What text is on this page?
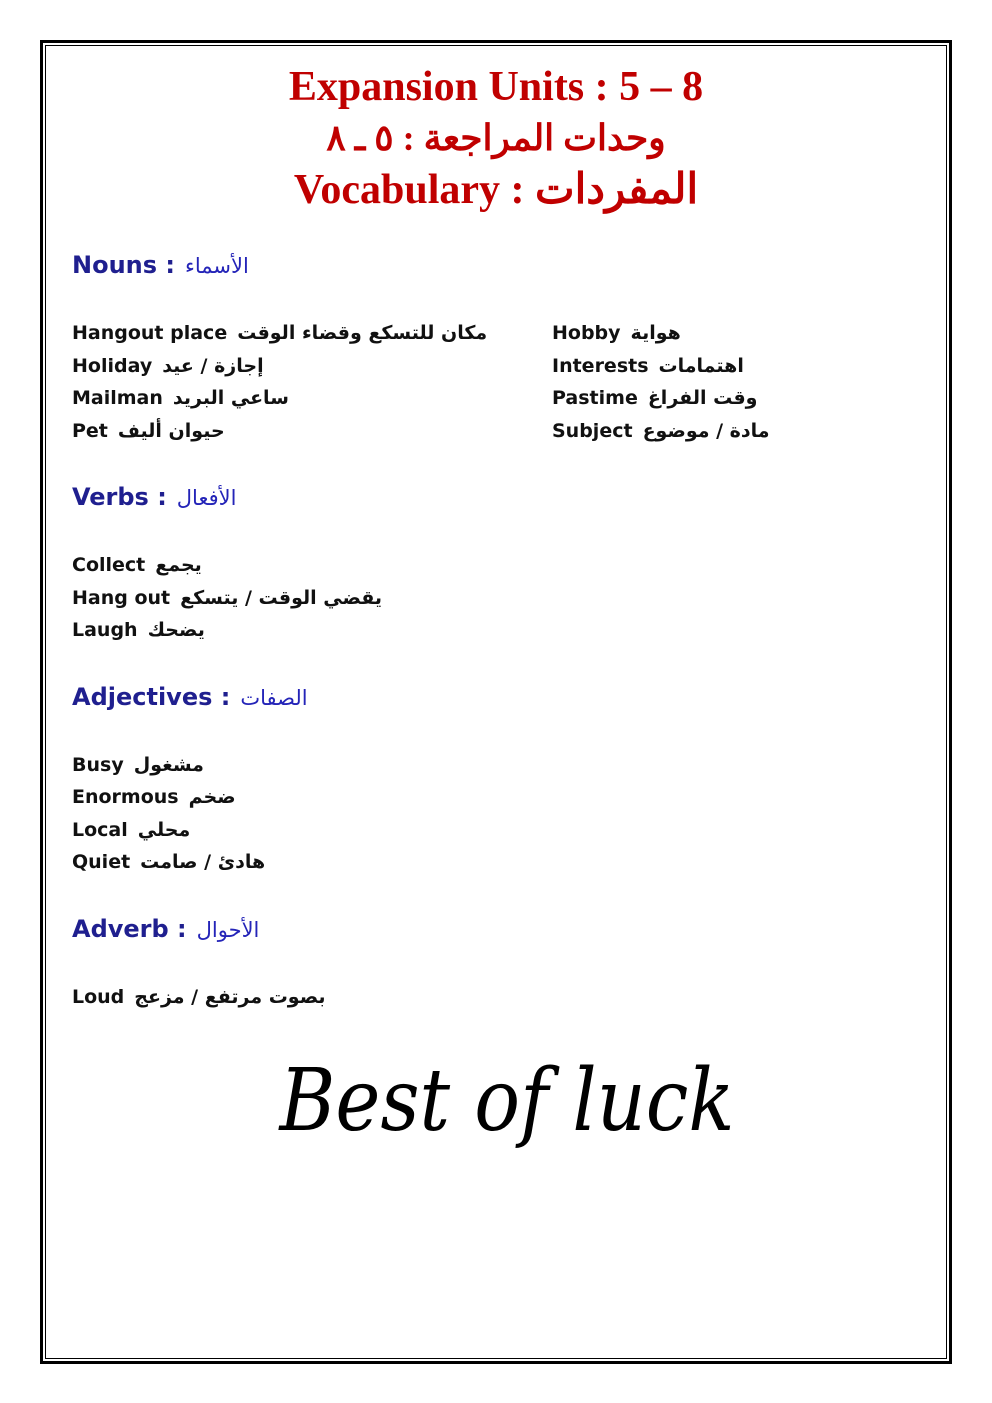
Expansion Units : 5 – 8
وحدات المراجعة : ٥ ـ ٨
Vocabulary : المفردات
Nouns : الأسماء
Hangout place مكان للتسكع وقضاء الوقت
Holiday إجازة / عيد
Mailman ساعي البريد
Pet حيوان أليف
Hobby هواية
Interests اهتمامات
Pastime وقت الفراغ
Subject مادة / موضوع
Verbs : الأفعال
Collect يجمع
Hang out يقضي الوقت / يتسكع
Laugh يضحك
Adjectives : الصفات
Busy مشغول
Enormous ضخم
Local محلي
Quiet هادئ / صامت
Adverb : الأحوال
Loud بصوت مرتفع / مزعج
Best of luck
